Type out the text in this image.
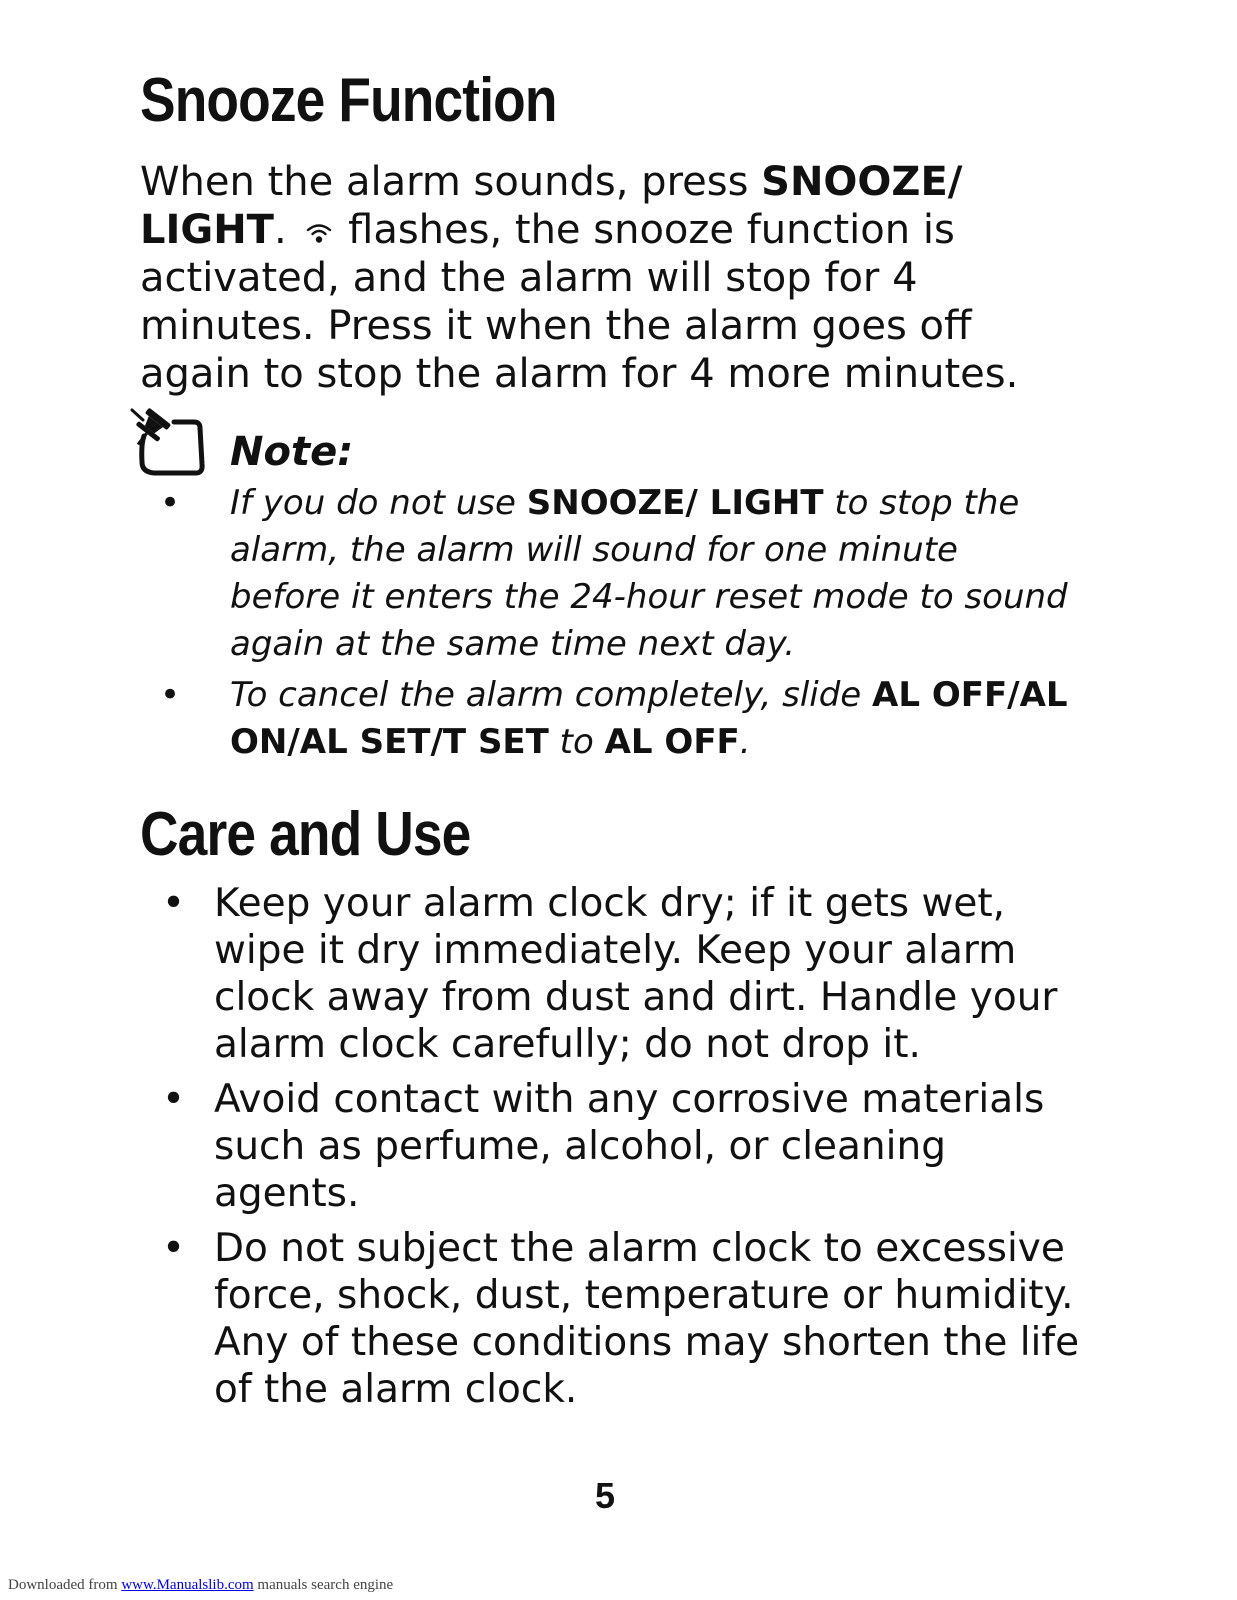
Snooze Function

When the alarm sounds, press SNOOZE/ LIGHT.  flashes, the snooze function is activated, and the alarm will stop for 4 minutes. Press it when the alarm goes off again to stop the alarm for 4 more minutes.

Note:
• If you do not use SNOOZE/ LIGHT to stop the alarm, the alarm will sound for one minute before it enters the 24-hour reset mode to sound again at the same time next day.
• To cancel the alarm completely, slide AL OFF/AL ON/AL SET/T SET to AL OFF.
Care and Use
• Keep your alarm clock dry; if it gets wet, wipe it dry immediately. Keep your alarm clock away from dust and dirt. Handle your alarm clock carefully; do not drop it.
• Avoid contact with any corrosive materials such as perfume, alcohol, or cleaning agents.
• Do not subject the alarm clock to excessive force, shock, dust, temperature or humidity. Any of these conditions may shorten the life of the alarm clock.
5
Downloaded from www.Manualslib.com manuals search engine
